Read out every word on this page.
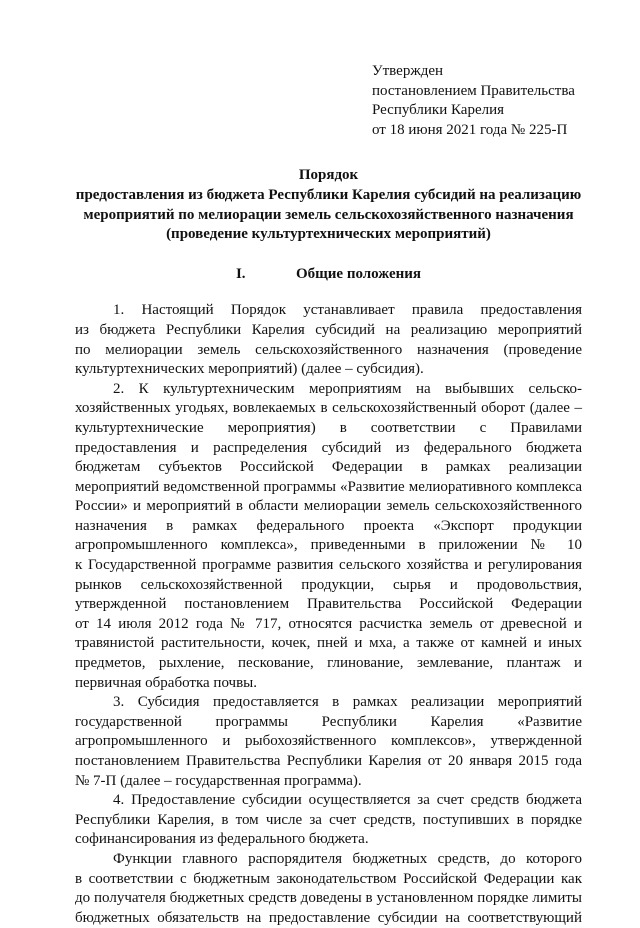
Утвержден
постановлением Правительства
Республики Карелия
от 18 июня 2021 года № 225-П
Порядок
предоставления из бюджета Республики Карелия субсидий на реализацию
мероприятий по мелиорации земель сельскохозяйственного назначения
(проведение культуртехнических мероприятий)
I.	Общие положения
1. Настоящий Порядок устанавливает правила предоставления
из бюджета Республики Карелия субсидий на реализацию мероприятий
по мелиорации земель сельскохозяйственного назначения (проведение
культуртехнических мероприятий) (далее – субсидия).
2. К культуртехническим мероприятиям на выбывших сельско-
хозяйственных угодьях, вовлекаемых в сельскохозяйственный оборот (далее –
культуртехнические мероприятия) в соответствии с Правилами
предоставления и распределения субсидий из федерального бюджета
бюджетам субъектов Российской Федерации в рамках реализации
мероприятий ведомственной программы «Развитие мелиоративного комплекса
России» и мероприятий в области мелиорации земель сельскохозяйственного
назначения в рамках федерального проекта «Экспорт продукции
агропромышленного комплекса», приведенными в приложении № 10
к Государственной программе развития сельского хозяйства и регулирования
рынков сельскохозяйственной продукции, сырья и продовольствия,
утвержденной постановлением Правительства Российской Федерации
от 14 июля 2012 года № 717, относятся расчистка земель от древесной и
травянистой растительности, кочек, пней и мха, а также от камней и иных
предметов, рыхление, пескование, глинование, землевание, плантаж и
первичная обработка почвы.
3. Субсидия предоставляется в рамках реализации мероприятий
государственной программы Республики Карелия «Развитие
агропромышленного и рыбохозяйственного комплексов», утвержденной
постановлением Правительства Республики Карелия от 20 января 2015 года
№ 7-П (далее – государственная программа).
4. Предоставление субсидии осуществляется за счет средств бюджета
Республики Карелия, в том числе за счет средств, поступивших в порядке
софинансирования из федерального бюджета.
Функции главного распорядителя бюджетных средств, до которого
в соответствии с бюджетным законодательством Российской Федерации как
до получателя бюджетных средств доведены в установленном порядке лимиты
бюджетных обязательств на предоставление субсидии на соответствующий
